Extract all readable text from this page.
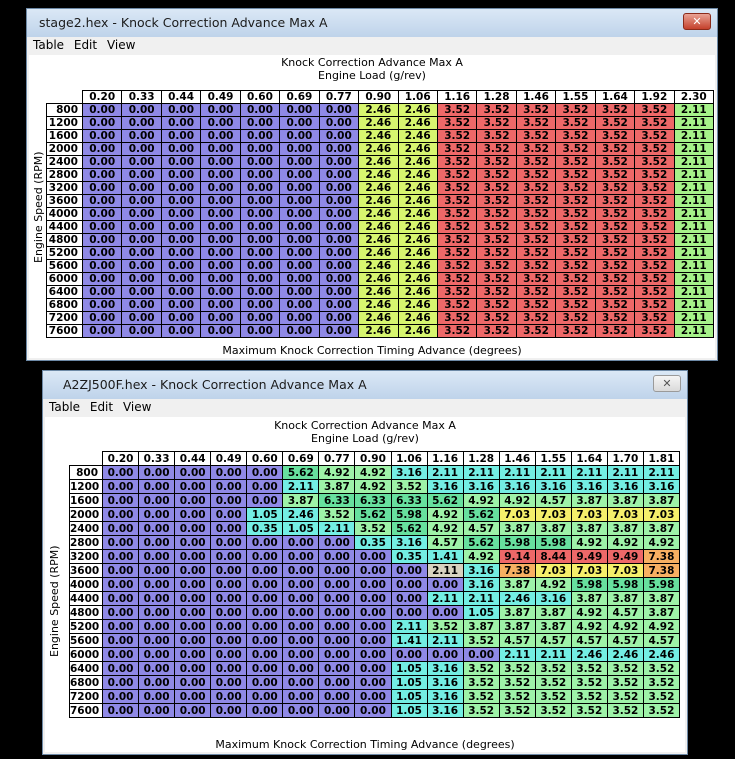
stage2.hex - Knock Correction Advance Max A	✕
Table Edit View
Knock Correction Advance Max A
Engine Load (g/rev)
Engine Speed (RPM)
	0.20	0.33	0.44	0.49	0.60	0.69	0.77	0.90	1.06	1.16	1.28	1.46	1.55	1.64	1.92	2.30
800	0.00	0.00	0.00	0.00	0.00	0.00	0.00	2.46	2.46	3.52	3.52	3.52	3.52	3.52	3.52	2.11
1200	0.00	0.00	0.00	0.00	0.00	0.00	0.00	2.46	2.46	3.52	3.52	3.52	3.52	3.52	3.52	2.11
1600	0.00	0.00	0.00	0.00	0.00	0.00	0.00	2.46	2.46	3.52	3.52	3.52	3.52	3.52	3.52	2.11
2000	0.00	0.00	0.00	0.00	0.00	0.00	0.00	2.46	2.46	3.52	3.52	3.52	3.52	3.52	3.52	2.11
2400	0.00	0.00	0.00	0.00	0.00	0.00	0.00	2.46	2.46	3.52	3.52	3.52	3.52	3.52	3.52	2.11
2800	0.00	0.00	0.00	0.00	0.00	0.00	0.00	2.46	2.46	3.52	3.52	3.52	3.52	3.52	3.52	2.11
3200	0.00	0.00	0.00	0.00	0.00	0.00	0.00	2.46	2.46	3.52	3.52	3.52	3.52	3.52	3.52	2.11
3600	0.00	0.00	0.00	0.00	0.00	0.00	0.00	2.46	2.46	3.52	3.52	3.52	3.52	3.52	3.52	2.11
4000	0.00	0.00	0.00	0.00	0.00	0.00	0.00	2.46	2.46	3.52	3.52	3.52	3.52	3.52	3.52	2.11
4400	0.00	0.00	0.00	0.00	0.00	0.00	0.00	2.46	2.46	3.52	3.52	3.52	3.52	3.52	3.52	2.11
4800	0.00	0.00	0.00	0.00	0.00	0.00	0.00	2.46	2.46	3.52	3.52	3.52	3.52	3.52	3.52	2.11
5200	0.00	0.00	0.00	0.00	0.00	0.00	0.00	2.46	2.46	3.52	3.52	3.52	3.52	3.52	3.52	2.11
5600	0.00	0.00	0.00	0.00	0.00	0.00	0.00	2.46	2.46	3.52	3.52	3.52	3.52	3.52	3.52	2.11
6000	0.00	0.00	0.00	0.00	0.00	0.00	0.00	2.46	2.46	3.52	3.52	3.52	3.52	3.52	3.52	2.11
6400	0.00	0.00	0.00	0.00	0.00	0.00	0.00	2.46	2.46	3.52	3.52	3.52	3.52	3.52	3.52	2.11
6800	0.00	0.00	0.00	0.00	0.00	0.00	0.00	2.46	2.46	3.52	3.52	3.52	3.52	3.52	3.52	2.11
7200	0.00	0.00	0.00	0.00	0.00	0.00	0.00	2.46	2.46	3.52	3.52	3.52	3.52	3.52	3.52	2.11
7600	0.00	0.00	0.00	0.00	0.00	0.00	0.00	2.46	2.46	3.52	3.52	3.52	3.52	3.52	3.52	2.11
Maximum Knock Correction Timing Advance (degrees)
A2ZJ500F.hex - Knock Correction Advance Max A	✕
Table Edit View
Knock Correction Advance Max A
Engine Load (g/rev)
Engine Speed (RPM)
	0.20	0.33	0.44	0.49	0.60	0.69	0.77	0.90	1.06	1.16	1.28	1.46	1.55	1.64	1.70	1.81
800	0.00	0.00	0.00	0.00	0.00	5.62	4.92	4.92	3.16	2.11	2.11	2.11	2.11	2.11	2.11	2.11
1200	0.00	0.00	0.00	0.00	0.00	2.11	3.87	4.92	3.52	3.16	3.16	3.16	3.16	3.16	3.16	3.16
1600	0.00	0.00	0.00	0.00	0.00	3.87	6.33	6.33	6.33	5.62	4.92	4.92	4.57	3.87	3.87	3.87
2000	0.00	0.00	0.00	0.00	1.05	2.46	3.52	5.62	5.98	4.92	5.62	7.03	7.03	7.03	7.03	7.03
2400	0.00	0.00	0.00	0.00	0.35	1.05	2.11	3.52	5.62	4.92	4.57	3.87	3.87	3.87	3.87	3.87
2800	0.00	0.00	0.00	0.00	0.00	0.00	0.00	0.35	3.16	4.57	5.62	5.98	5.98	4.92	4.92	4.92
3200	0.00	0.00	0.00	0.00	0.00	0.00	0.00	0.00	0.35	1.41	4.92	9.14	8.44	9.49	9.49	7.38
3600	0.00	0.00	0.00	0.00	0.00	0.00	0.00	0.00	0.00	2.11	3.16	7.38	7.03	7.03	7.03	7.38
4000	0.00	0.00	0.00	0.00	0.00	0.00	0.00	0.00	0.00	0.00	3.16	3.87	4.92	5.98	5.98	5.98
4400	0.00	0.00	0.00	0.00	0.00	0.00	0.00	0.00	0.00	2.11	2.11	2.46	3.16	3.87	3.87	3.87
4800	0.00	0.00	0.00	0.00	0.00	0.00	0.00	0.00	0.00	0.00	1.05	3.87	3.87	4.92	4.57	3.87
5200	0.00	0.00	0.00	0.00	0.00	0.00	0.00	0.00	2.11	3.52	3.87	3.87	3.87	4.92	4.92	4.92
5600	0.00	0.00	0.00	0.00	0.00	0.00	0.00	0.00	1.41	2.11	3.52	4.57	4.57	4.57	4.57	4.57
6000	0.00	0.00	0.00	0.00	0.00	0.00	0.00	0.00	0.00	0.00	0.00	2.11	2.11	2.46	2.46	2.46
6400	0.00	0.00	0.00	0.00	0.00	0.00	0.00	0.00	1.05	3.16	3.52	3.52	3.52	3.52	3.52	3.52
6800	0.00	0.00	0.00	0.00	0.00	0.00	0.00	0.00	1.05	3.16	3.52	3.52	3.52	3.52	3.52	3.52
7200	0.00	0.00	0.00	0.00	0.00	0.00	0.00	0.00	1.05	3.16	3.52	3.52	3.52	3.52	3.52	3.52
7600	0.00	0.00	0.00	0.00	0.00	0.00	0.00	0.00	1.05	3.16	3.52	3.52	3.52	3.52	3.52	3.52
Maximum Knock Correction Timing Advance (degrees)
